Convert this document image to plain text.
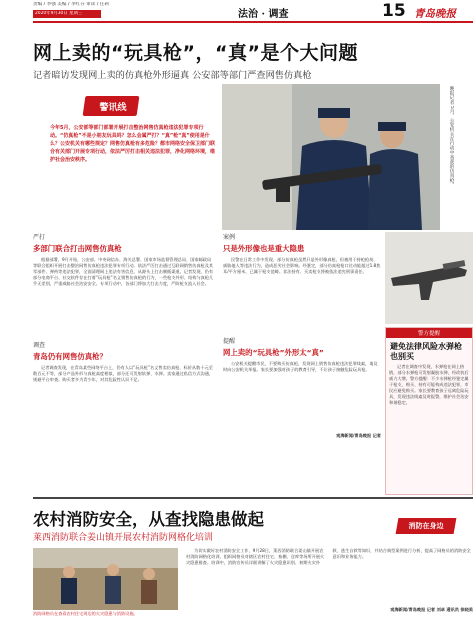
责编 / 李强 美编 / 李红芬 审读 / 任莉
2020年9月30日 星期三	法治 · 调查	15 青岛晚报
网上卖的“玩具枪”，“真”是个大问题
记者暗访发现网上卖的仿真枪外形逼真 公安部等部门严查网售仿真枪
警讯线
今年5月，公安部等部门部署开展打击整治网售仿真枪违法犯罪专项行动。“仿真枪”不是小朋友玩具吗？怎么会属严打？“真”枪“真”使用是什么？公安机关有哪些规定？网售仿真枪有多危险？都市网络安全保卫部门联合有关部门开展专项行动，依法严厉打击相关违法犯罪，净化网络环境，维护社会治安秩序。	晚报记者 5月，公安机关在行动中查获的仿真枪。
严打
多部门联合打击网售仿真枪
根据部署，9月开始，公安部、中央网信办、海关总署、国家市场监督管理总局、国家邮政局等联合组织开展打击整治网售仿真枪违法犯罪专项行动。依法严厉打击通过互联网销售仿真枪及其零部件、弹药等违法犯罪，全面清理网上违法有害信息，从源头上打击制贩渠道。记者发现，仍有部分电商平台、社交软件存在打着“玩具枪”名义销售仿真枪的行为，一些枪支外形、结构与真枪几乎无差别，严重威胁社会治安安全。专项行动中，各部门将加大打击力度，严防枪支流入社会。
调查
青岛仍有网售仿真枪？
记者调查发现，在青岛某些网络平台上，仍有人以“玩具枪”名义售卖仿真枪，标价从数十元至数百元不等，部分产品外形与真枪高度相似，部分还可发射软弹、水弹。卖家通过私信方式沟通，规避平台审查。购买者多为青少年，对其危险性认识不足。
案例
只是外形像也是重大隐患
民警在日常工作中发现，部分仿真枪虽然只是外形像真枪，但被用于持枪抢劫、威胁他人等违法行为，造成恶劣社会影响。经鉴定，部分仿真枪枪口比动能超过1.8焦耳/平方厘米，已属于枪支范畴。非法持有、买卖枪支将被依法追究刑事责任。
提醒
网上卖的“玩具枪”外形太“真”
公安机关提醒市民，不要购买仿真枪，发现网上销售仿真枪违法犯罪线索，请及时向公安机关举报。家长要加强对孩子的教育引导，不让孩子接触危险玩具枪。
观海新闻/青岛晚报 记者
警方提醒
避免法律风险水弹枪也别买
记者在调查中发现，水弹枪在网上热销，部分水弹枪可发射凝胶水弹，经改装后威力大增。警方提醒：不少水弹枪经鉴定属于枪支，购买、持有可能构成违法犯罪，市民应避免购买。家长要教育孩子远离危险玩具，发现违法线索及时报警，维护社会治安和谐稳定。
农村消防安全，从查找隐患做起
莱西消防联合姜山镇开展农村消防网格化培训
消防在身边
消防网格员在查看农村住宅周边的火灾隐患与消防设施。
为切实做好农村消防安全工作，9月28日，莱西消防联合姜山镇开展农村消防网格化培训，组织网格员对辖区农村住宅、畜棚、仓库等场所开展火灾隐患排查。培训中，消防宣传员详细讲解了火灾隐患识别、初期火灾扑救、逃生自救等知识，并结合典型案例进行分析，提高了网格员的消防安全意识和业务能力。
观海新闻/青岛晚报 记者 刘卓 通讯员 徐晓美
